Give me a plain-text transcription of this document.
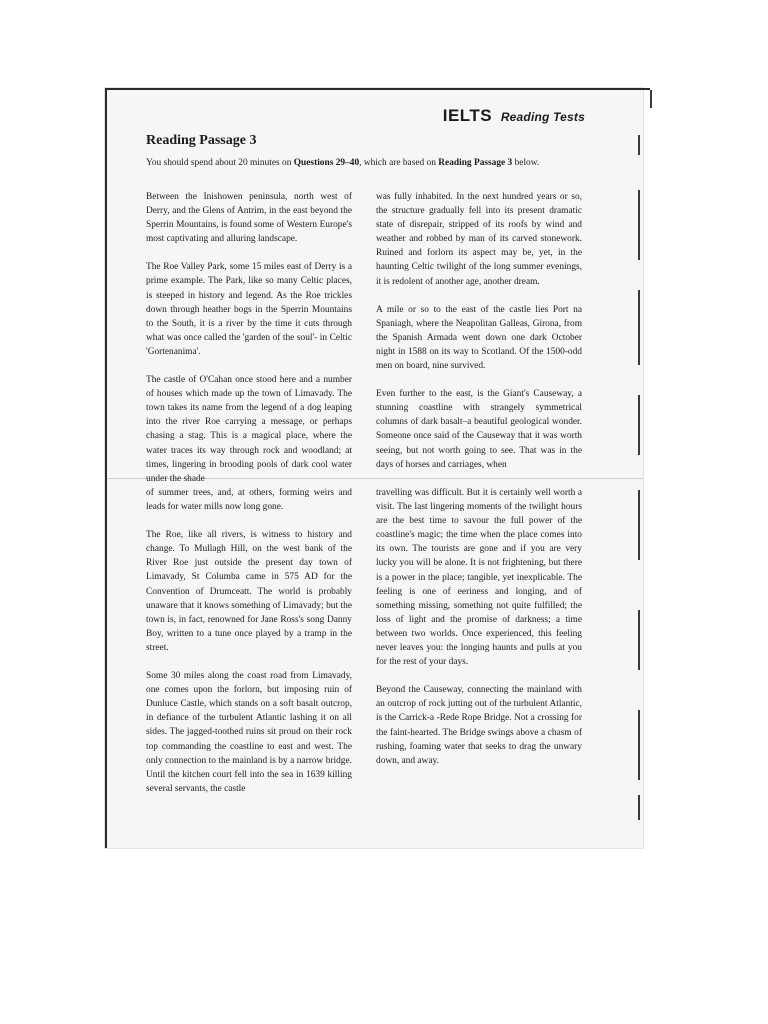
IELTS Reading Tests
Reading Passage 3
You should spend about 20 minutes on Questions 29–40, which are based on Reading Passage 3 below.

Between the Inishowen peninsula, north west of Derry, and the Glens of Antrim, in the east beyond the Sperrin Mountains, is found some of Western Europe's most captivating and alluring landscape.

The Roe Valley Park, some 15 miles east of Derry is a prime example. The Park, like so many Celtic places, is steeped in history and legend. As the Roe trickles down through heather bogs in the Sperrin Mountains to the South, it is a river by the time it cuts through what was once called the 'garden of the soul'- in Celtic 'Gortenanima'.

The castle of O'Cahan once stood here and a number of houses which made up the town of Limavady. The town takes its name from the legend of a dog leaping into the river Roe carrying a message, or perhaps chasing a stag. This is a magical place, where the water traces its way through rock and woodland; at times, lingering in brooding pools of dark cool water under the shade

was fully inhabited. In the next hundred years or so, the structure gradually fell into its present dramatic state of disrepair, stripped of its roofs by wind and weather and robbed by man of its carved stonework. Ruined and forlorn its aspect may be, yet, in the haunting Celtic twilight of the long summer evenings, it is redolent of another age, another dream.

A mile or so to the east of the castle lies Port na Spaniagh, where the Neapolitan Galleas, Girona, from the Spanish Armada went down one dark October night in 1588 on its way to Scotland. Of the 1500-odd men on board, nine survived.

Even further to the east, is the Giant's Causeway, a stunning coastline with strangely symmetrical columns of dark basalt–a beautiful geological wonder. Someone once said of the Causeway that it was worth seeing, but not worth going to see. That was in the days of horses and carriages, when

of summer trees, and, at others, forming weirs and leads for water mills now long gone.

The Roe, like all rivers, is witness to history and change. To Mullagh Hill, on the west bank of the River Roe just outside the present day town of Limavady, St Columba came in 575 AD for the Convention of Drumceatt. The world is probably unaware that it knows something of Limavady; but the town is, in fact, renowned for Jane Ross's song Danny Boy, written to a tune once played by a tramp in the street.

Some 30 miles along the coast road from Limavady, one comes upon the forlorn, but imposing ruin of Dunluce Castle, which stands on a soft basalt outcrop, in defiance of the turbulent Atlantic lashing it on all sides. The jagged-toothed ruins sit proud on their rock top commanding the coastline to east and west. The only connection to the mainland is by a narrow bridge. Until the kitchen court fell into the sea in 1639 killing several servants, the castle

travelling was difficult. But it is certainly well worth a visit. The last lingering moments of the twilight hours are the best time to savour the full power of the coastline's magic; the time when the place comes into its own. The tourists are gone and if you are very lucky you will be alone. It is not frightening, but there is a power in the place; tangible, yet inexplicable. The feeling is one of eeriness and longing, and of something missing, something not quite fulfilled; the loss of light and the promise of darkness; a time between two worlds. Once experienced, this feeling never leaves you: the longing haunts and pulls at you for the rest of your days.

Beyond the Causeway, connecting the mainland with an outcrop of rock jutting out of the turbulent Atlantic, is the Carrick-a -Rede Rope Bridge. Not a crossing for the faint-hearted. The Bridge swings above a chasm of rushing, foaming water that seeks to drag the unwary down, and away.
